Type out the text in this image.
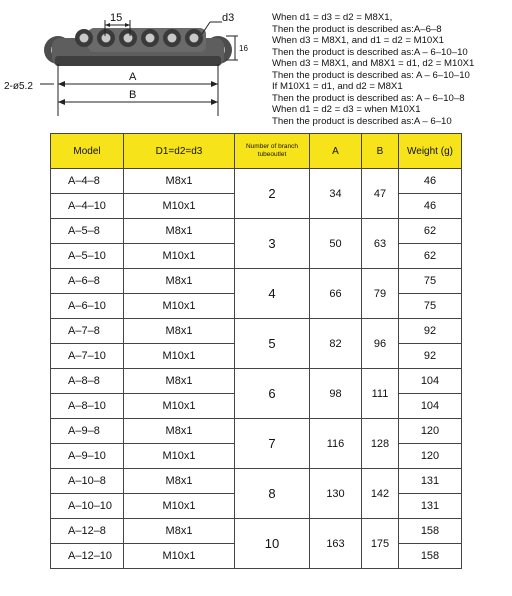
15	d3
16
2-ø5.2
A
B
When d1 = d3 = d2 = M8X1,
Then the product is described as:A–6–8
When d3 = M8X1, and d1 = d2 = M10X1
Then the product is described as:A – 6–10–10
When d3 = M8X1, and M8X1 = d1, d2 = M10X1
Then the product is described as: A – 6–10–10
If M10X1 = d1, and d2 = M8X1
Then the product is described as: A – 6–10–8
When d1 = d2 = d3 = when M10X1
Then the product is described as:A – 6–10
Model	D1=d2=d3	Number of branch tubeoutlet	A	B	Weight (g)
A–4–8	M8x1	2	34	47	46
A–4–10	M10x1				46
A–5–8	M8x1	3	50	63	62
A–5–10	M10x1				62
A–6–8	M8x1	4	66	79	75
A–6–10	M10x1				75
A–7–8	M8x1	5	82	96	92
A–7–10	M10x1				92
A–8–8	M8x1	6	98	111	104
A–8–10	M10x1				104
A–9–8	M8x1	7	116	128	120
A–9–10	M10x1				120
A–10–8	M8x1	8	130	142	131
A–10–10	M10x1				131
A–12–8	M8x1	10	163	175	158
A–12–10	M10x1				158
